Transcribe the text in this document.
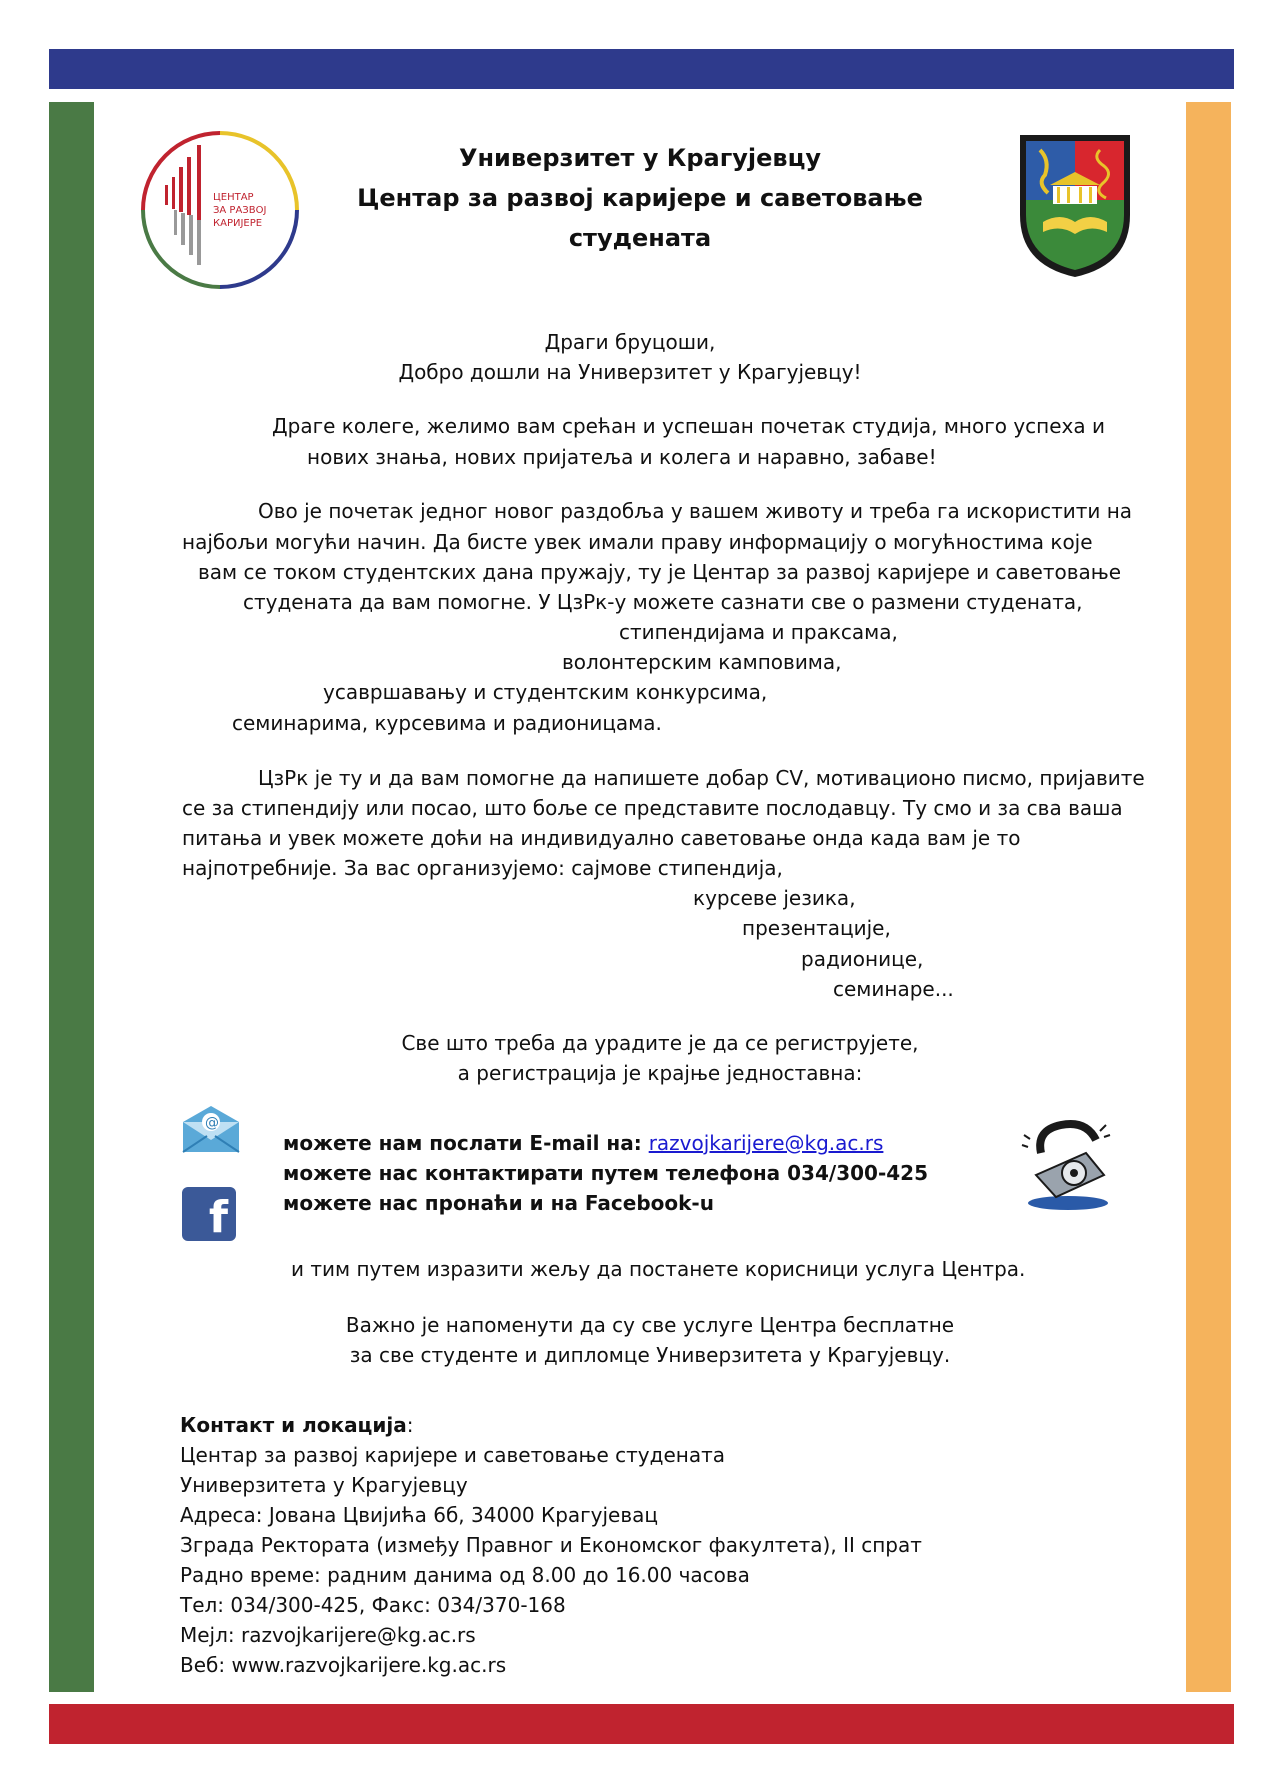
ЦЕНТАР
ЗА РАЗВОЈ
КАРИЈЕРЕ
Универзитет у Крагујевцу
Центар за развој каријере и саветовање
студената
Драги бруцоши,
Добро дошли на Универзитет у Крагујевцу!
Драге колеге, желимо вам срећан и успешан почетак студија, много успеха и
нових знања, нових пријатеља и колега и наравно, забаве!
Ово је почетак једног новог раздобља у вашем животу и треба га искористити на
најбољи могући начин. Да бисте увек имали праву информацију о могућностима које
вам се током студентских дана пружају, ту је Центар за развој каријере и саветовање
студената да вам помогне. У ЦзРк-у можете сазнати све о размени студената,
стипендијама и праксама,
волонтерским камповима,
усавршавању и студентским конкурсима,
семинарима, курсевима и радионицама.
ЦзРк је ту и да вам помогне да напишете добар CV, мотивационо писмо, пријавите
се за стипендију или посао, што боље се представите послодавцу. Ту смо и за сва ваша
питања и увек можете доћи на индивидуално саветовање онда када вам је то
најпотребније. За вас организујемо: сајмове стипендија,
курсеве језика,
презентације,
радионице,
семинаре...
Све што треба да урадите је да се региструјете,
а регистрација је крајње једноставна:
@
f
можете нам послати E-mail на: razvojkarijere@kg.ac.rs
можете нас контактирати путем телефона 034/300-425
можете нас пронаћи и на Facebook-u
и тим путем изразити жељу да постанете корисници услуга Центра.
Важно је напоменути да су све услуге Центра бесплатне
за све студенте и дипломце Универзитета у Крагујевцу.
Контакт и локација:
Центар за развој каријере и саветовање студената
Универзитета у Крагујевцу
Адреса: Јована Цвијића 6б, 34000 Крагујевац
Зграда Ректората (између Правног и Економског факултета), II спрат
Радно време: радним данима од 8.00 до 16.00 часова
Тел: 034/300-425, Факс: 034/370-168
Мејл: razvojkarijere@kg.ac.rs
Веб: www.razvojkarijere.kg.ac.rs
